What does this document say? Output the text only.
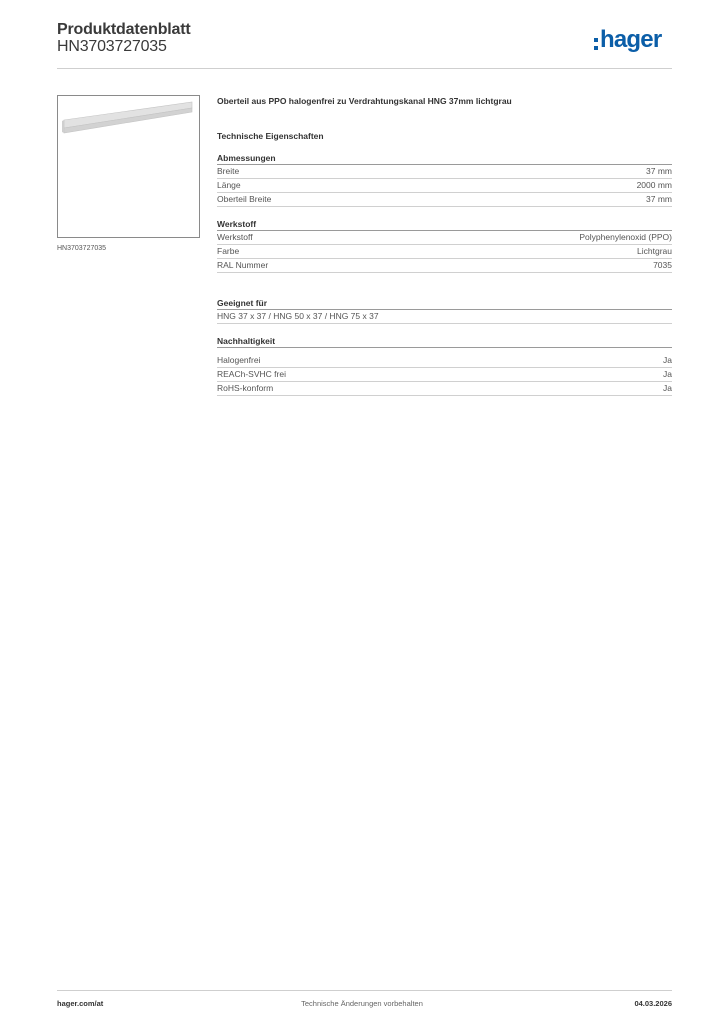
Produktdatenblatt
HN3703727035	hager
HN3703727035
Oberteil aus PPO halogenfrei zu Verdrahtungskanal HNG 37mm lichtgrau
Technische Eigenschaften
Abmessungen
Breite	37 mm
Länge	2000 mm
Oberteil Breite	37 mm
Werkstoff
Werkstoff	Polyphenylenoxid (PPO)
Farbe	Lichtgrau
RAL Nummer	7035
Geeignet für
HNG 37 x 37 / HNG 50 x 37 / HNG 75 x 37
Nachhaltigkeit
Halogenfrei	Ja
REACh-SVHC frei	Ja
RoHS-konform	Ja
hager.com/at	Technische Änderungen vorbehalten	04.03.2026
